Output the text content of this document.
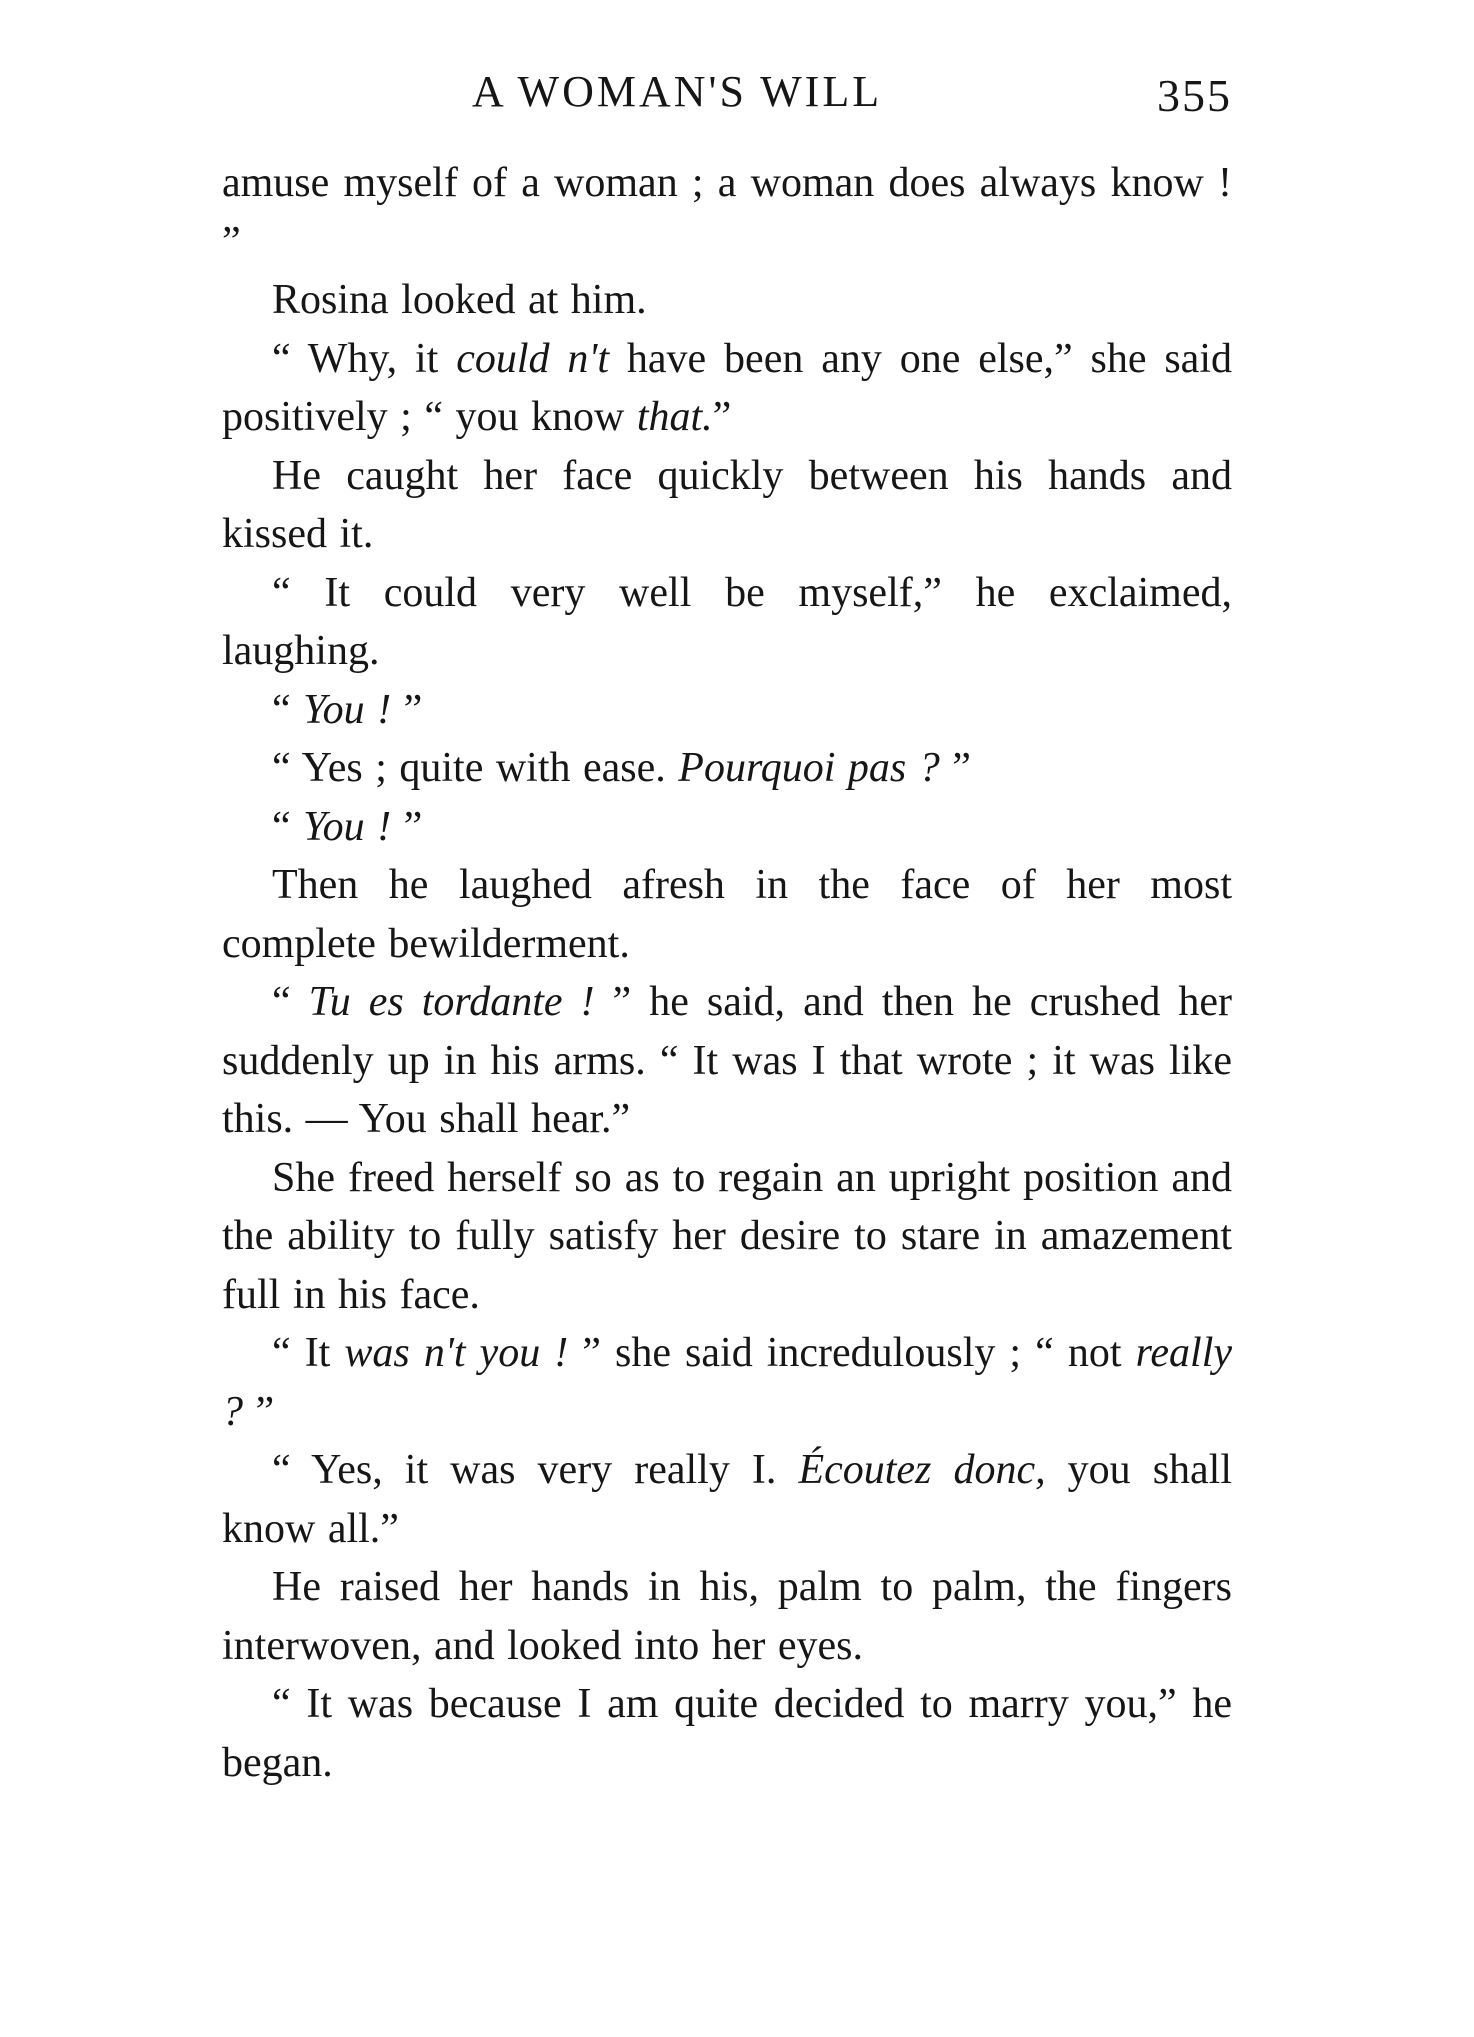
A WOMAN'S WILL	355

amuse myself of a woman ; a woman does always know ! ”

Rosina looked at him.

“ Why, it could n't have been any one else,” she said positively ; “ you know that.”

He caught her face quickly between his hands and kissed it.

“ It could very well be myself,” he exclaimed, laughing.

“ You ! ”

“ Yes ; quite with ease. Pourquoi pas ? ”

“ You ! ”

Then he laughed afresh in the face of her most complete bewilderment.

“ Tu es tordante ! ” he said, and then he crushed her suddenly up in his arms. “ It was I that wrote ; it was like this. — You shall hear.”

She freed herself so as to regain an upright position and the ability to fully satisfy her desire to stare in amazement full in his face.

“ It was n't you ! ” she said incredulously ; “ not really ? ”

“ Yes, it was very really I. Écoutez donc, you shall know all.”

He raised her hands in his, palm to palm, the fingers interwoven, and looked into her eyes.

“ It was because I am quite decided to marry you,” he began.
